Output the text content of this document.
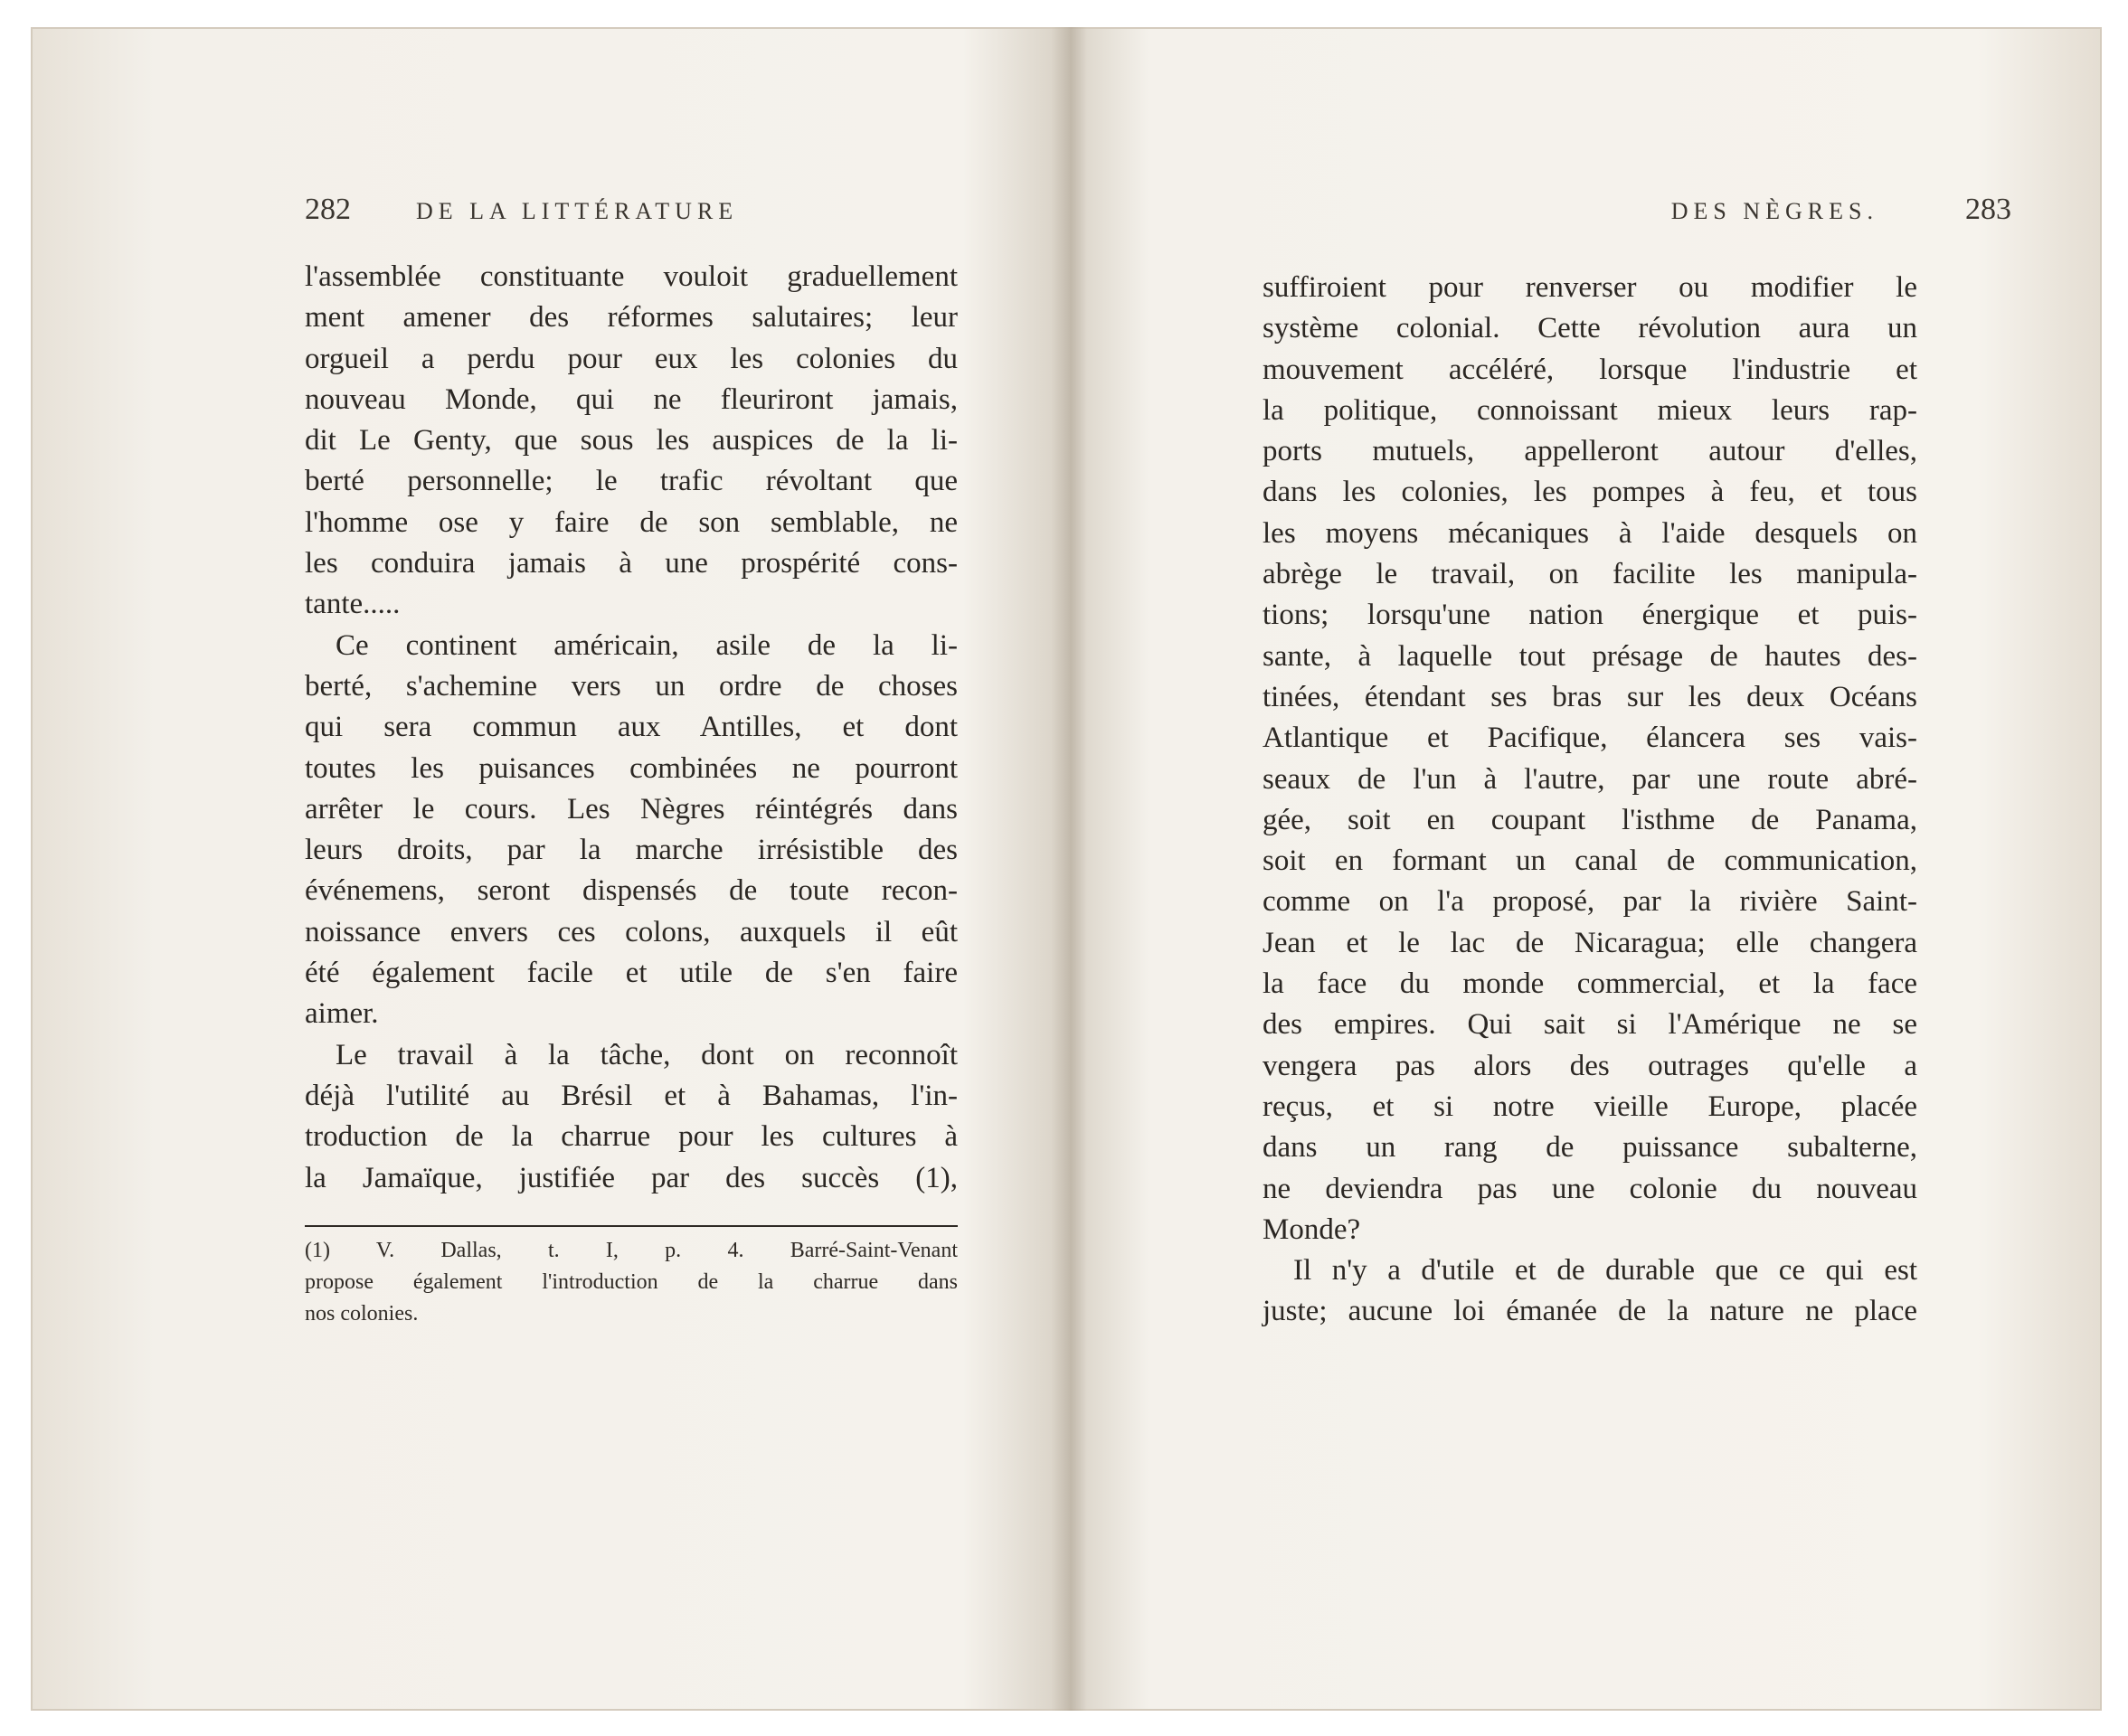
282	DE LA LITTÉRATURE
l'assemblée constituante vouloit graduellement
ment amener des réformes salutaires; leur
orgueil a perdu pour eux les colonies du
nouveau Monde, qui ne fleuriront jamais,
dit Le Genty, que sous les auspices de la li-
berté personnelle; le trafic révoltant que
l'homme ose y faire de son semblable, ne
les conduira jamais à une prospérité cons-
tante.....
Ce continent américain, asile de la li-
berté, s'achemine vers un ordre de choses
qui sera commun aux Antilles, et dont
toutes les puisances combinées ne pourront
arrêter le cours. Les Nègres réintégrés dans
leurs droits, par la marche irrésistible des
événemens, seront dispensés de toute recon-
noissance envers ces colons, auxquels il eût
été également facile et utile de s'en faire
aimer.
Le travail à la tâche, dont on reconnoît
déjà l'utilité au Brésil et à Bahamas, l'in-
troduction de la charrue pour les cultures à
la Jamaïque, justifiée par des succès (1),
(1) V. Dallas, t. I, p. 4. Barré-Saint-Venant
propose également l'introduction de la charrue dans
nos colonies.
DES NÈGRES.	283
suffiroient pour renverser ou modifier le
système colonial. Cette révolution aura un
mouvement accéléré, lorsque l'industrie et
la politique, connoissant mieux leurs rap-
ports mutuels, appelleront autour d'elles,
dans les colonies, les pompes à feu, et tous
les moyens mécaniques à l'aide desquels on
abrège le travail, on facilite les manipula-
tions; lorsqu'une nation énergique et puis-
sante, à laquelle tout présage de hautes des-
tinées, étendant ses bras sur les deux Océans
Atlantique et Pacifique, élancera ses vais-
seaux de l'un à l'autre, par une route abré-
gée, soit en coupant l'isthme de Panama,
soit en formant un canal de communication,
comme on l'a proposé, par la rivière Saint-
Jean et le lac de Nicaragua; elle changera
la face du monde commercial, et la face
des empires. Qui sait si l'Amérique ne se
vengera pas alors des outrages qu'elle a
reçus, et si notre vieille Europe, placée
dans un rang de puissance subalterne,
ne deviendra pas une colonie du nouveau
Monde?
Il n'y a d'utile et de durable que ce qui est
juste; aucune loi émanée de la nature ne place
